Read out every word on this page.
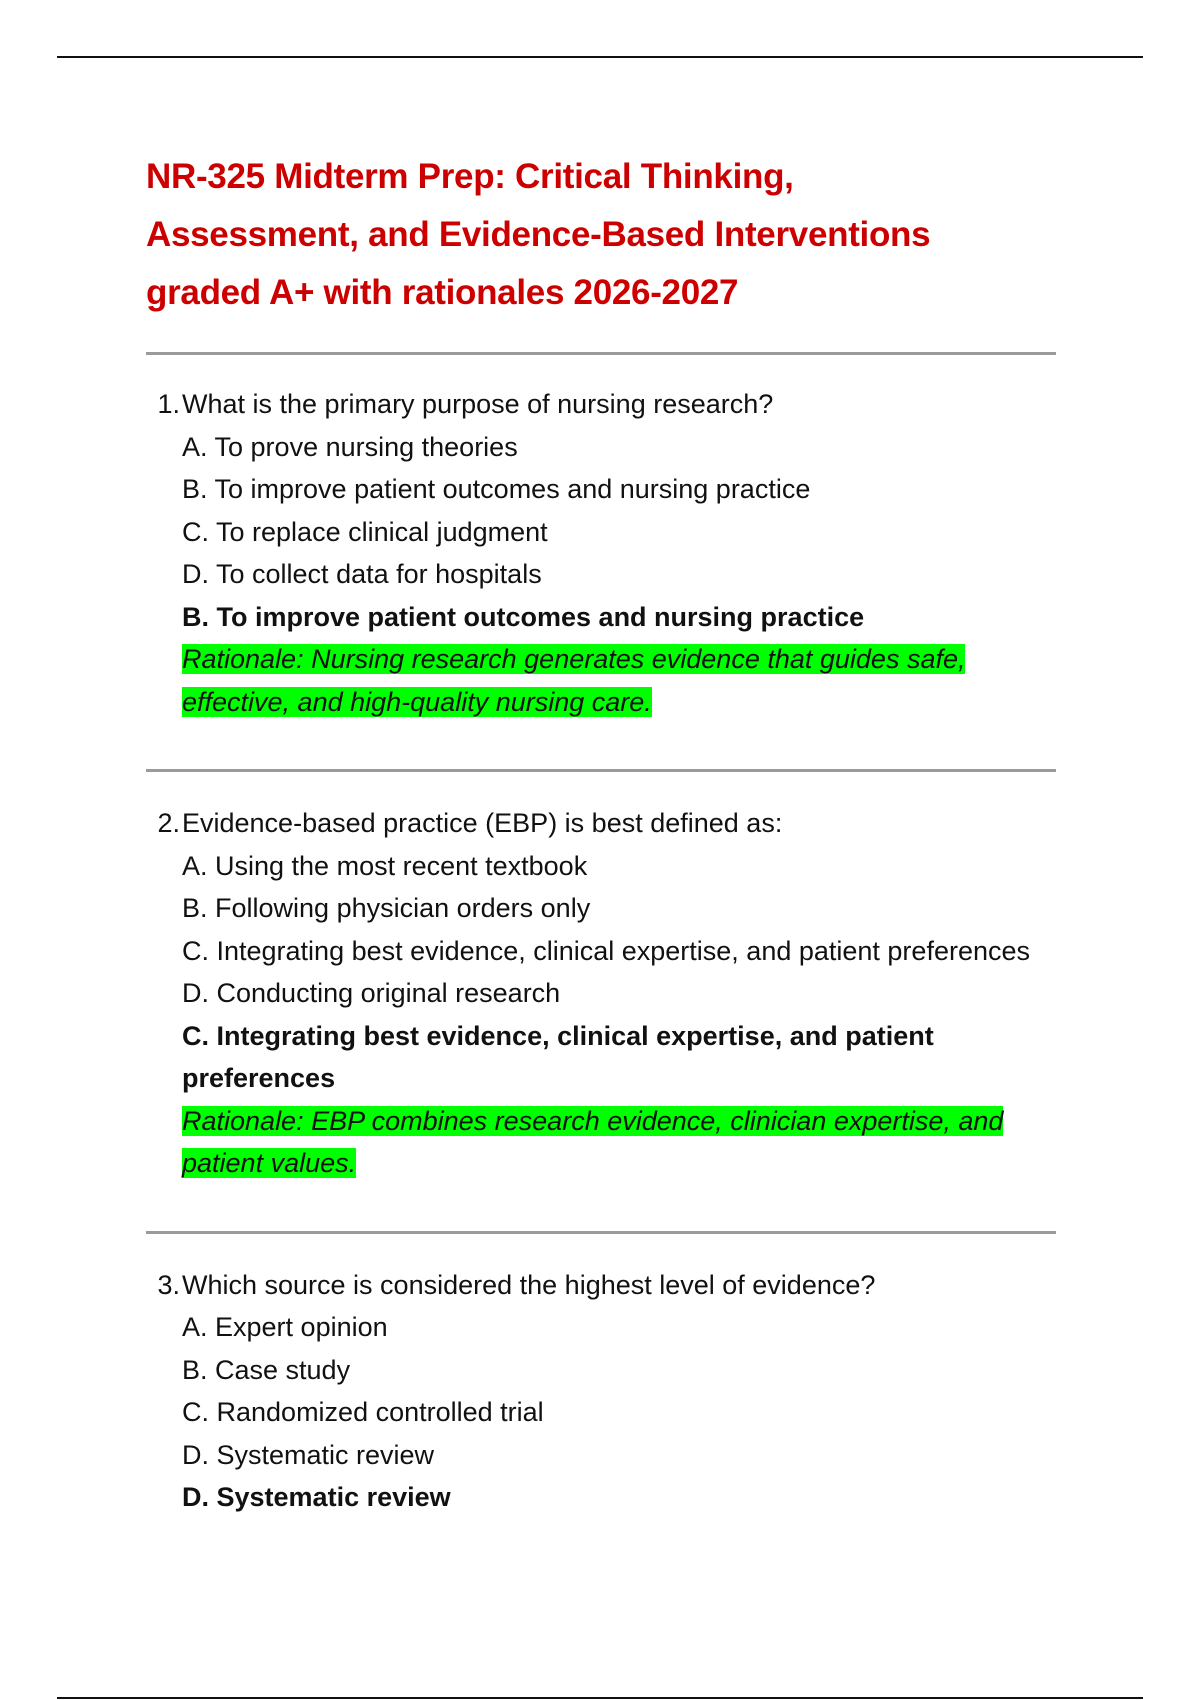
NR-325 Midterm Prep: Critical Thinking,
Assessment, and Evidence-Based Interventions
graded A+ with rationales 2026-2027
1. What is the primary purpose of nursing research?

A. To prove nursing theories

B. To improve patient outcomes and nursing practice

C. To replace clinical judgment

D. To collect data for hospitals

B. To improve patient outcomes and nursing practice

Rationale: Nursing research generates evidence that guides safe, effective, and high-quality nursing care.

2. Evidence-based practice (EBP) is best defined as:

A. Using the most recent textbook

B. Following physician orders only

C. Integrating best evidence, clinical expertise, and patient preferences

D. Conducting original research

C. Integrating best evidence, clinical expertise, and patient preferences

Rationale: EBP combines research evidence, clinician expertise, and patient values.

3. Which source is considered the highest level of evidence?

A. Expert opinion

B. Case study

C. Randomized controlled trial

D. Systematic review

D. Systematic review
